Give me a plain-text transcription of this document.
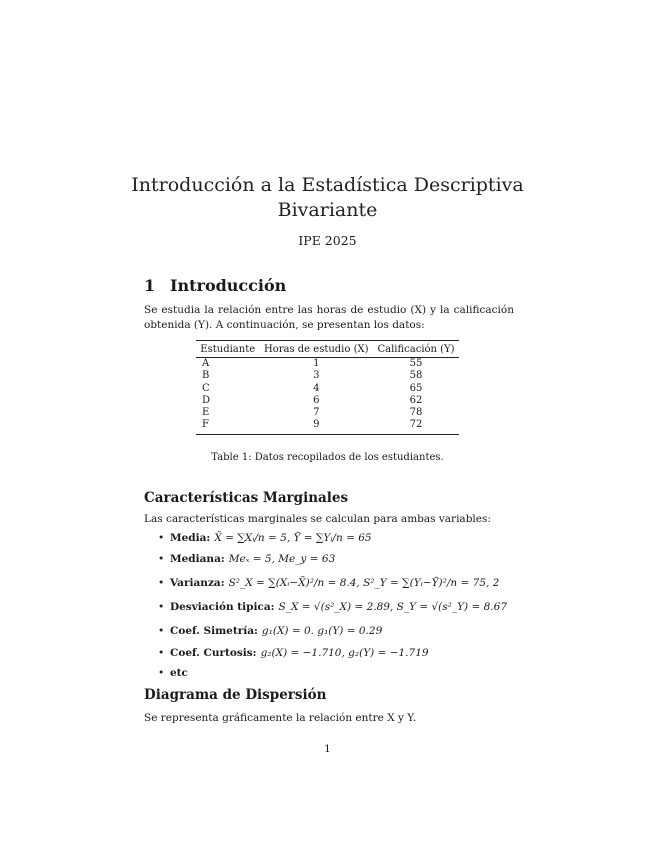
Introducción a la Estadística Descriptiva
Bivariante
IPE 2025
1 Introducción
Se estudia la relación entre las horas de estudio (X) y la calificación obtenida (Y). A continuación, se presentan los datos:
Estudiante	Horas de estudio (X)	Calificación (Y)
A	1	55
B	3	58
C	4	65
D	6	62
E	7	78
F	9	72
Table 1: Datos recopilados de los estudiantes.
Características Marginales
Las características marginales se calculan para ambas variables:
• Media: X̄ = ∑Xᵢ/n = 5, Ȳ = ∑Yᵢ/n = 65
• Mediana: Meₓ = 5, Me_y = 63
• Varianza: S²_X = ∑(Xᵢ−X̄)²/n = 8.4, S²_Y = ∑(Yᵢ−Ȳ)²/n = 75, 2
• Desviación tipica: S_X = √(s²_X) = 2.89, S_Y = √(s²_Y) = 8.67
• Coef. Simetría: g₁(X) = 0. g₁(Y) = 0.29
• Coef. Curtosis: g₂(X) = −1.710, g₂(Y) = −1.719
• etc
Diagrama de Dispersión
Se representa gráficamente la relación entre X y Y.
1
